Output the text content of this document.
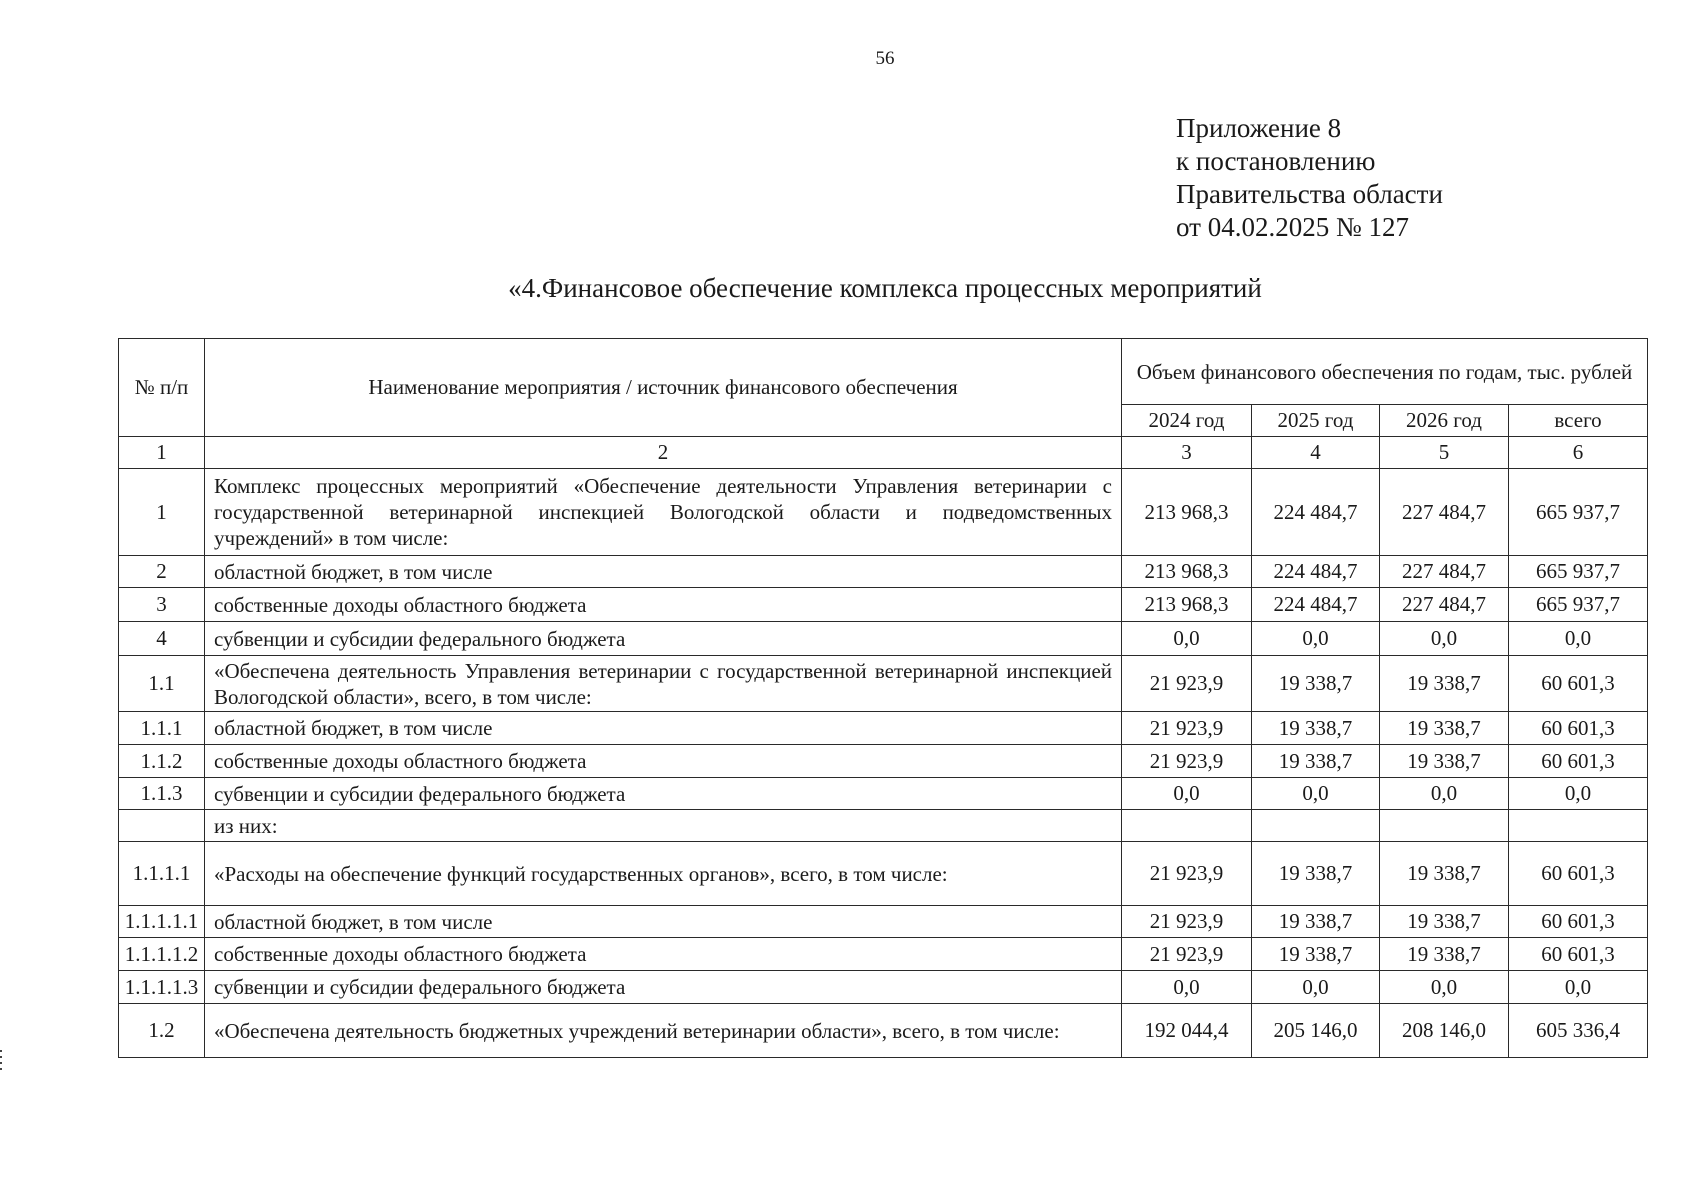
56
Приложение 8
к постановлению
Правительства области
от 04.02.2025 № 127
«4.Финансовое обеспечение комплекса процессных мероприятий
№ п/п	Наименование мероприятия / источник финансового обеспечения	Объем финансового обеспечения по годам, тыс. рублей			
		2024 год	2025 год	2026 год	всего
1	2	3	4	5	6
1	Комплекс процессных мероприятий «Обеспечение деятельности Управления ветеринарии с государственной ветеринарной инспекцией Вологодской области и подведомственных учреждений» в том числе:	213 968,3	224 484,7	227 484,7	665 937,7
2	областной бюджет, в том числе	213 968,3	224 484,7	227 484,7	665 937,7
3	собственные доходы областного бюджета	213 968,3	224 484,7	227 484,7	665 937,7
4	субвенции и субсидии федерального бюджета	0,0	0,0	0,0	0,0
1.1	«Обеспечена деятельность Управления ветеринарии с государственной ветеринарной инспекцией Вологодской области», всего, в том числе:	21 923,9	19 338,7	19 338,7	60 601,3
1.1.1	областной бюджет, в том числе	21 923,9	19 338,7	19 338,7	60 601,3
1.1.2	собственные доходы областного бюджета	21 923,9	19 338,7	19 338,7	60 601,3
1.1.3	субвенции и субсидии федерального бюджета	0,0	0,0	0,0	0,0
	из них:				
1.1.1.1	«Расходы на обеспечение функций государственных органов», всего, в том числе:	21 923,9	19 338,7	19 338,7	60 601,3
1.1.1.1.1	областной бюджет, в том числе	21 923,9	19 338,7	19 338,7	60 601,3
1.1.1.1.2	собственные доходы областного бюджета	21 923,9	19 338,7	19 338,7	60 601,3
1.1.1.1.3	субвенции и субсидии федерального бюджета	0,0	0,0	0,0	0,0
1.2	«Обеспечена деятельность бюджетных учреждений ветеринарии области», всего, в том числе:	192 044,4	205 146,0	208 146,0	605 336,4
